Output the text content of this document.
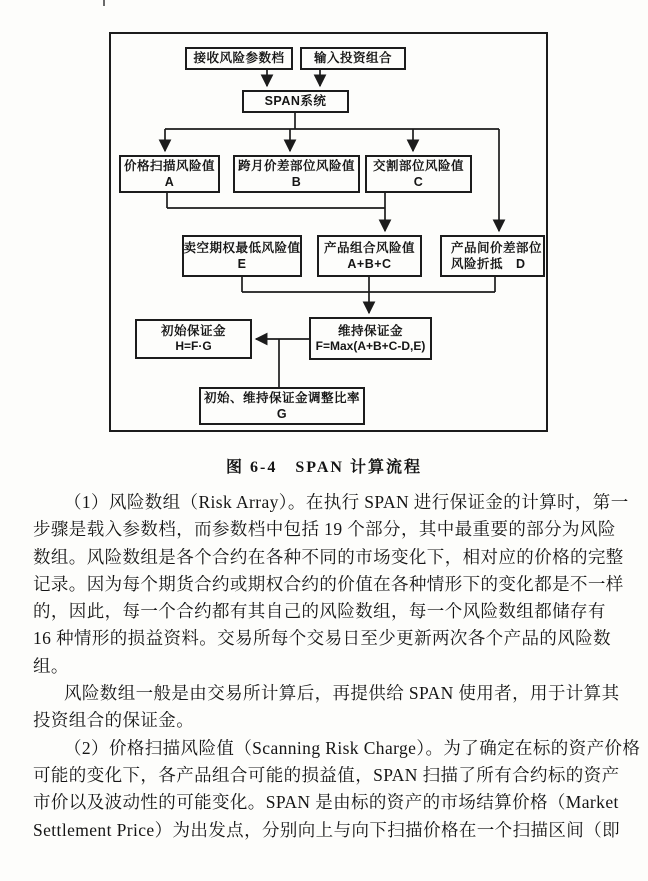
接收风险参数档 输入投资组合
SPAN系统
价格扫描风险值
A
跨月价差部位风险值
B
交割部位风险值
C
卖空期权最低风险值
E
产品组合风险值
A+B+C
产品间价差部位
风险折抵　D
初始保证金
H=F·G
维持保证金
F=Max(A+B+C-D,E)
初始、维持保证金调整比率
G
图 6-4　SPAN 计算流程
（1）风险数组（Risk Array）。在执行 SPAN 进行保证金的计算时，第一
步骤是载入参数档，而参数档中包括 19 个部分，其中最重要的部分为风险
数组。风险数组是各个合约在各种不同的市场变化下，相对应的价格的完整
记录。因为每个期货合约或期权合约的价值在各种情形下的变化都是不一样
的，因此，每一个合约都有其自己的风险数组，每一个风险数组都储存有
16 种情形的损益资料。交易所每个交易日至少更新两次各个产品的风险数
组。
风险数组一般是由交易所计算后，再提供给 SPAN 使用者，用于计算其
投资组合的保证金。
（2）价格扫描风险值（Scanning Risk Charge）。为了确定在标的资产价格
可能的变化下，各产品组合可能的损益值，SPAN 扫描了所有合约标的资产
市价以及波动性的可能变化。SPAN 是由标的资产的市场结算价格（Market
Settlement Price）为出发点，分别向上与向下扫描价格在一个扫描区间（即
